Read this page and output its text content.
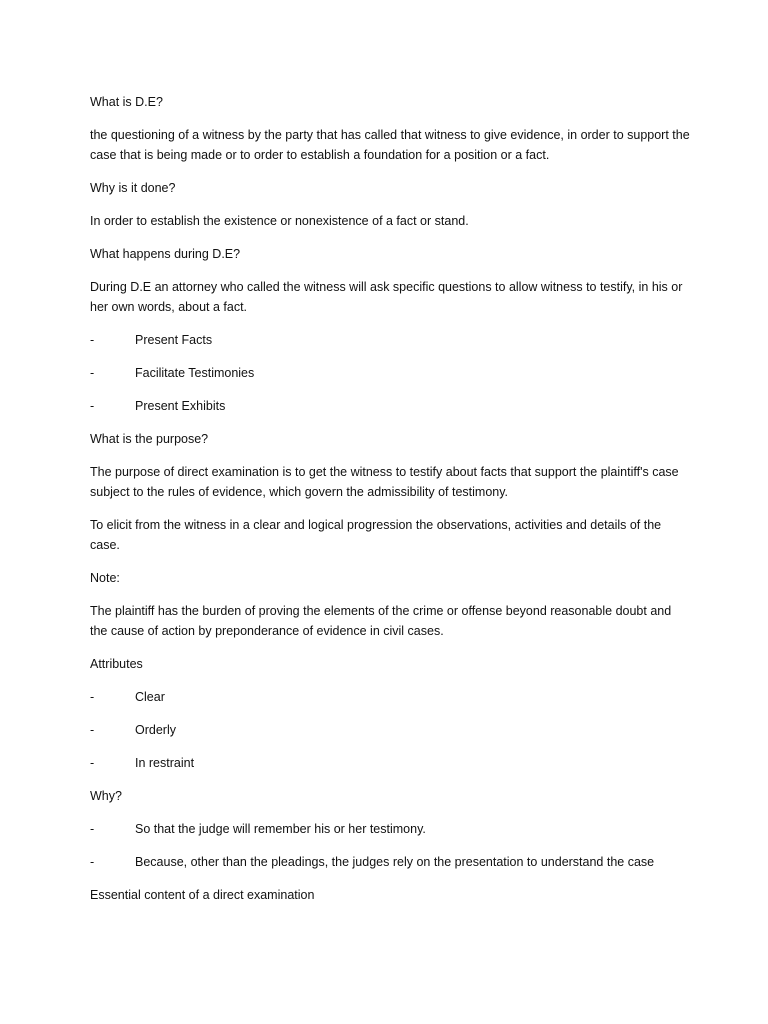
What is D.E?

the questioning of a witness by the party that has called that witness to give evidence, in order to support the case that is being made or to order to establish a foundation for a position or a fact.

Why is it done?

In order to establish the existence or nonexistence of a fact or stand.

What happens during D.E?

During D.E an attorney who called the witness will ask specific questions to allow witness to testify, in his or her own words, about a fact.

-	Present Facts
-	Facilitate Testimonies
-	Present Exhibits

What is the purpose?

The purpose of direct examination is to get the witness to testify about facts that support the plaintiff's case subject to the rules of evidence, which govern the admissibility of testimony.

To elicit from the witness in a clear and logical progression the observations, activities and details of the case.

Note:

The plaintiff has the burden of proving the elements of the crime or offense beyond reasonable doubt and the cause of action by preponderance of evidence in civil cases.

Attributes

-	Clear
-	Orderly
-	In restraint

Why?

-	So that the judge will remember his or her testimony.
-	Because, other than the pleadings, the judges rely on the presentation to understand the case

Essential content of a direct examination
